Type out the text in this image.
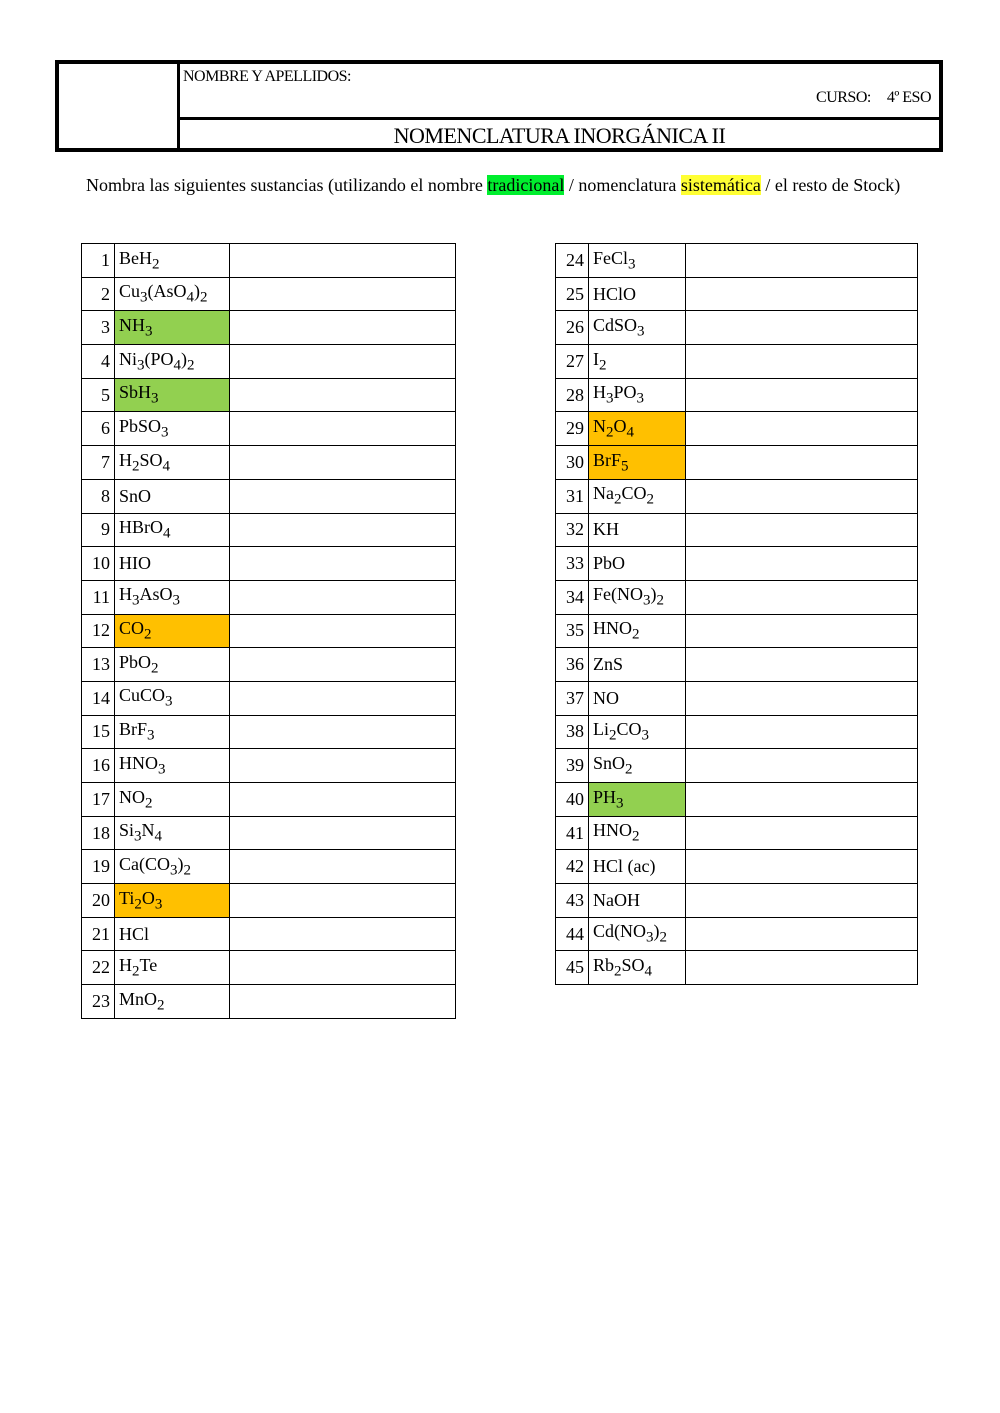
NOMBRE Y APELLIDOS:
CURSO: 4º ESO
NOMENCLATURA INORGÁNICA II
Nombra las siguientes sustancias (utilizando el nombre tradicional / nomenclatura sistemática / el resto de Stock)
1	BeH$_2$	
2	$Cu_3(AsO_4)_2$	
3	$NH_3$	
4	$Ni_3(PO_4)_2$	
5	SbH$_3$	
6	PbSO$_3$	
7	$H_2SO_4$	
8	SnO	
9	HBrO$_4$	
10	HIO	
11	$H_3AsO_3$	
12	$CO_2$	
13	PbO$_2$	
14	CuCO$_3$	
15	BrF$_3$	
16	$HNO_3$	
17	$NO_2$	
18	$Si_3N_4$	
19	$Ca(CO_3)_2$	
20	$Ti_2O_3$	
21	HCl	
22	$H_2Te$	
23	MnO$_2$	
24	FeCl$_3$	
25	HClO	
26	CdSO$_3$	
27	$I_2$	
28	$H_3PO_3$	
29	$N_2O_4$	
30	BrF$_5$	
31	$Na_2CO_2$	
32	KH	
33	PbO	
34	$Fe(NO_3)_2$	
35	$HNO_2$	
36	ZnS	
37	NO	
38	$Li_2CO_3$	
39	SnO$_2$	
40	$PH_3$	
41	$HNO_2$	
42	HCl (ac)	
43	NaOH	
44	$Cd(NO_3)_2$	
45	$Rb_2SO_4$	
